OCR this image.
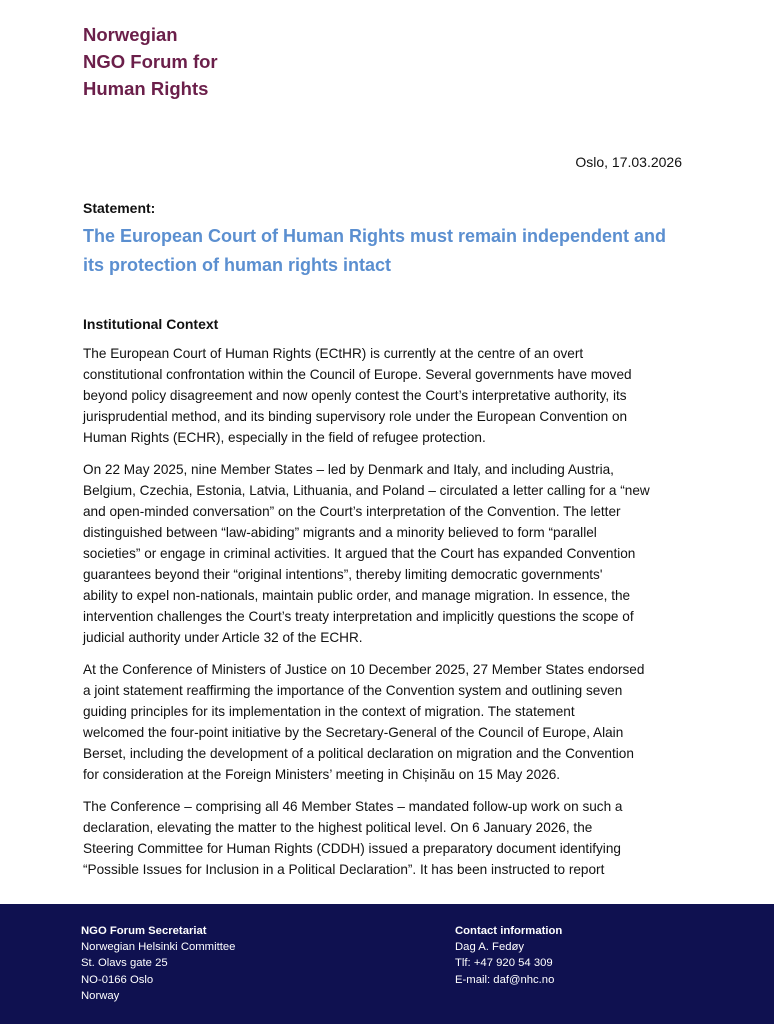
Norwegian
NGO Forum for
Human Rights
Oslo, 17.03.2026
Statement:
The European Court of Human Rights must remain independent and
its protection of human rights intact
Institutional Context
The European Court of Human Rights (ECtHR) is currently at the centre of an overt
constitutional confrontation within the Council of Europe. Several governments have moved
beyond policy disagreement and now openly contest the Court’s interpretative authority, its
jurisprudential method, and its binding supervisory role under the European Convention on
Human Rights (ECHR), especially in the field of refugee protection.
On 22 May 2025, nine Member States – led by Denmark and Italy, and including Austria,
Belgium, Czechia, Estonia, Latvia, Lithuania, and Poland – circulated a letter calling for a “new
and open-minded conversation” on the Court’s interpretation of the Convention. The letter
distinguished between “law-abiding” migrants and a minority believed to form “parallel
societies” or engage in criminal activities. It argued that the Court has expanded Convention
guarantees beyond their “original intentions”, thereby limiting democratic governments'
ability to expel non-nationals, maintain public order, and manage migration. In essence, the
intervention challenges the Court’s treaty interpretation and implicitly questions the scope of
judicial authority under Article 32 of the ECHR.
At the Conference of Ministers of Justice on 10 December 2025, 27 Member States endorsed
a joint statement reaffirming the importance of the Convention system and outlining seven
guiding principles for its implementation in the context of migration. The statement
welcomed the four-point initiative by the Secretary-General of the Council of Europe, Alain
Berset, including the development of a political declaration on migration and the Convention
for consideration at the Foreign Ministers’ meeting in Chișinău on 15 May 2026.
The Conference – comprising all 46 Member States – mandated follow-up work on such a
declaration, elevating the matter to the highest political level. On 6 January 2026, the
Steering Committee for Human Rights (CDDH) issued a preparatory document identifying
“Possible Issues for Inclusion in a Political Declaration”. It has been instructed to report
NGO Forum Secretariat
Norwegian Helsinki Committee
St. Olavs gate 25
NO-0166 Oslo
Norway
Contact information
Dag A. Fedøy
Tlf: +47 920 54 309
E-mail: daf@nhc.no
